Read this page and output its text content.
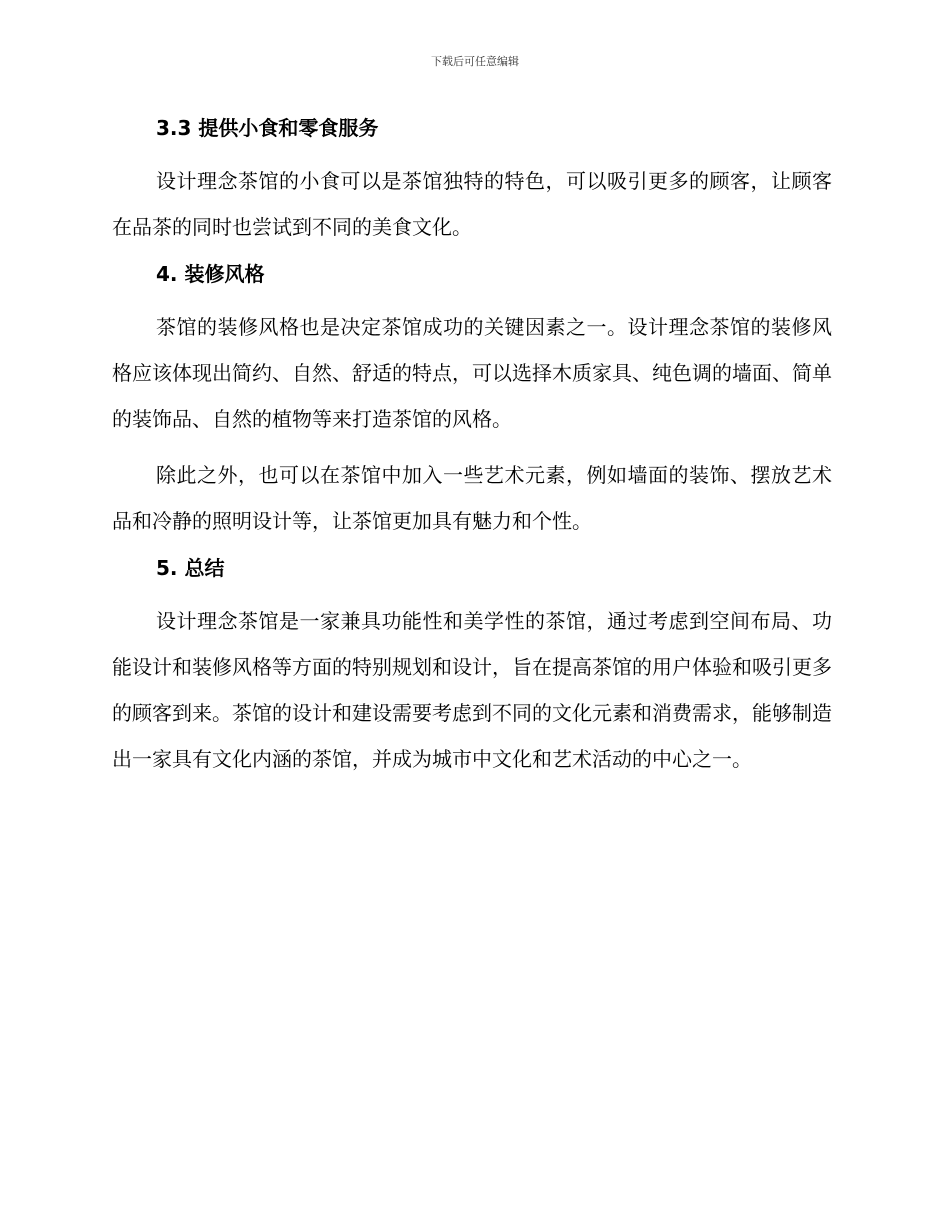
下载后可任意编辑
3.3 提供小食和零食服务

设计理念茶馆的小食可以是茶馆独特的特色，可以吸引更多的顾客，让顾客在品茶的同时也尝试到不同的美食文化。

4. 装修风格

茶馆的装修风格也是决定茶馆成功的关键因素之一。设计理念茶馆的装修风格应该体现出简约、自然、舒适的特点，可以选择木质家具、纯色调的墙面、简单的装饰品、自然的植物等来打造茶馆的风格。

除此之外，也可以在茶馆中加入一些艺术元素，例如墙面的装饰、摆放艺术品和冷静的照明设计等，让茶馆更加具有魅力和个性。

5. 总结

设计理念茶馆是一家兼具功能性和美学性的茶馆，通过考虑到空间布局、功能设计和装修风格等方面的特别规划和设计，旨在提高茶馆的用户体验和吸引更多的顾客到来。茶馆的设计和建设需要考虑到不同的文化元素和消费需求，能够制造出一家具有文化内涵的茶馆，并成为城市中文化和艺术活动的中心之一。
